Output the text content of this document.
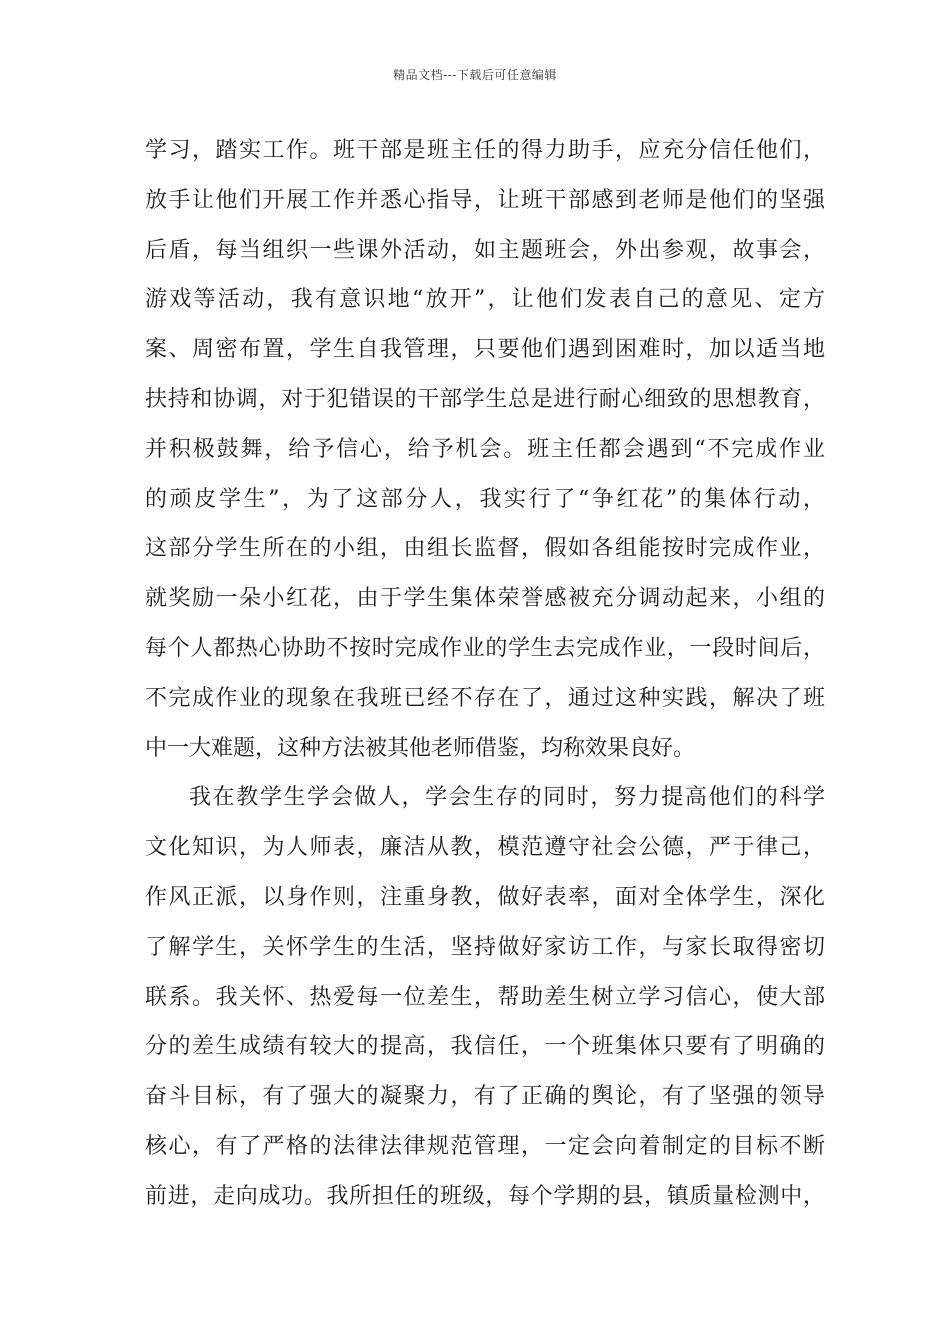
精品文档---下载后可任意编辑
学习，踏实工作。班干部是班主任的得力助手，应充分信任他们，
放手让他们开展工作并悉心指导，让班干部感到老师是他们的坚强
后盾，每当组织一些课外活动，如主题班会，外出参观，故事会，
游戏等活动，我有意识地“放开”，让他们发表自己的意见、定方
案、周密布置，学生自我管理，只要他们遇到困难时，加以适当地
扶持和协调，对于犯错误的干部学生总是进行耐心细致的思想教育，
并积极鼓舞，给予信心，给予机会。班主任都会遇到“不完成作业
的顽皮学生”，为了这部分人，我实行了“争红花”的集体行动，
这部分学生所在的小组，由组长监督，假如各组能按时完成作业，
就奖励一朵小红花，由于学生集体荣誉感被充分调动起来，小组的
每个人都热心协助不按时完成作业的学生去完成作业，一段时间后，
不完成作业的现象在我班已经不存在了，通过这种实践，解决了班
中一大难题，这种方法被其他老师借鉴，均称效果良好。
我在教学生学会做人，学会生存的同时，努力提高他们的科学
文化知识，为人师表，廉洁从教，模范遵守社会公德，严于律己，
作风正派，以身作则，注重身教，做好表率，面对全体学生，深化
了解学生，关怀学生的生活，坚持做好家访工作，与家长取得密切
联系。我关怀、热爱每一位差生，帮助差生树立学习信心，使大部
分的差生成绩有较大的提高，我信任，一个班集体只要有了明确的
奋斗目标，有了强大的凝聚力，有了正确的舆论，有了坚强的领导
核心，有了严格的法律法律规范管理，一定会向着制定的目标不断
前进，走向成功。我所担任的班级，每个学期的县，镇质量检测中，
